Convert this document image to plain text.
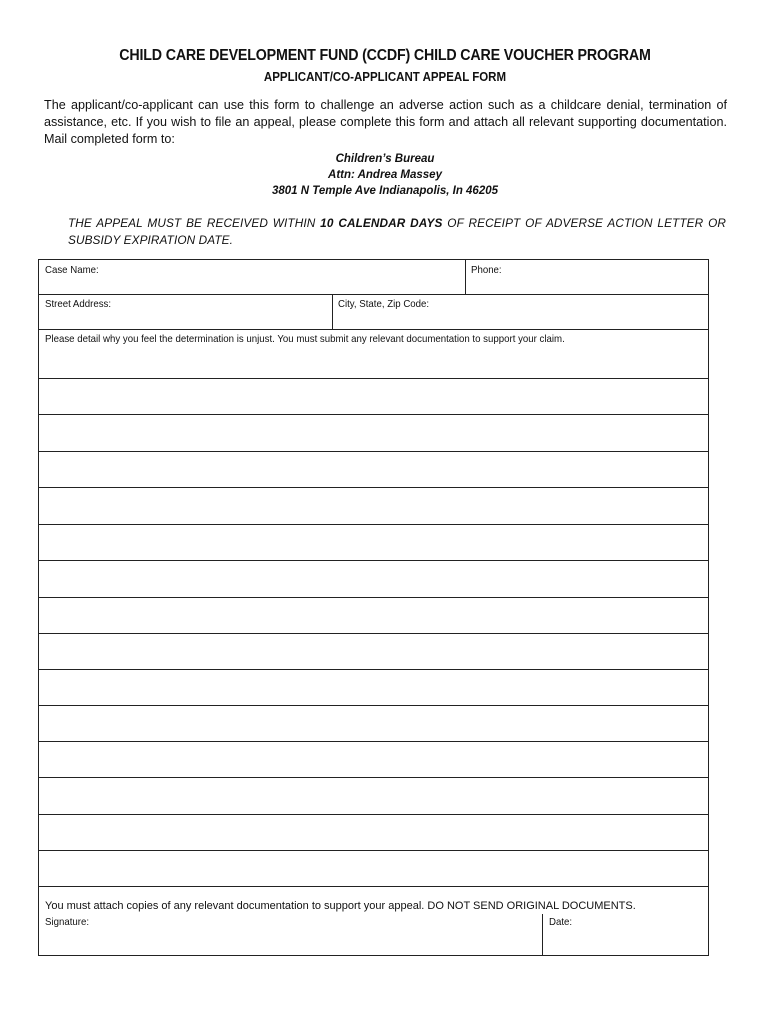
CHILD CARE DEVELOPMENT FUND (CCDF) CHILD CARE VOUCHER PROGRAM
APPLICANT/CO-APPLICANT APPEAL FORM
The applicant/co-applicant can use this form to challenge an adverse action such as a childcare denial, termination of assistance, etc. If you wish to file an appeal, please complete this form and attach all relevant supporting documentation. Mail completed form to:
Children’s Bureau
Attn: Andrea Massey
3801 N Temple Ave Indianapolis, In 46205
THE APPEAL MUST BE RECEIVED WITHIN 10 CALENDAR DAYS OF RECEIPT OF ADVERSE ACTION LETTER OR SUBSIDY EXPIRATION DATE.
Case Name:	Phone:
Street Address:	City, State, Zip Code:
Please detail why you feel the determination is unjust. You must submit any relevant documentation to support your claim.
You must attach copies of any relevant documentation to support your appeal. DO NOT SEND ORIGINAL DOCUMENTS.
Signature:	Date:
